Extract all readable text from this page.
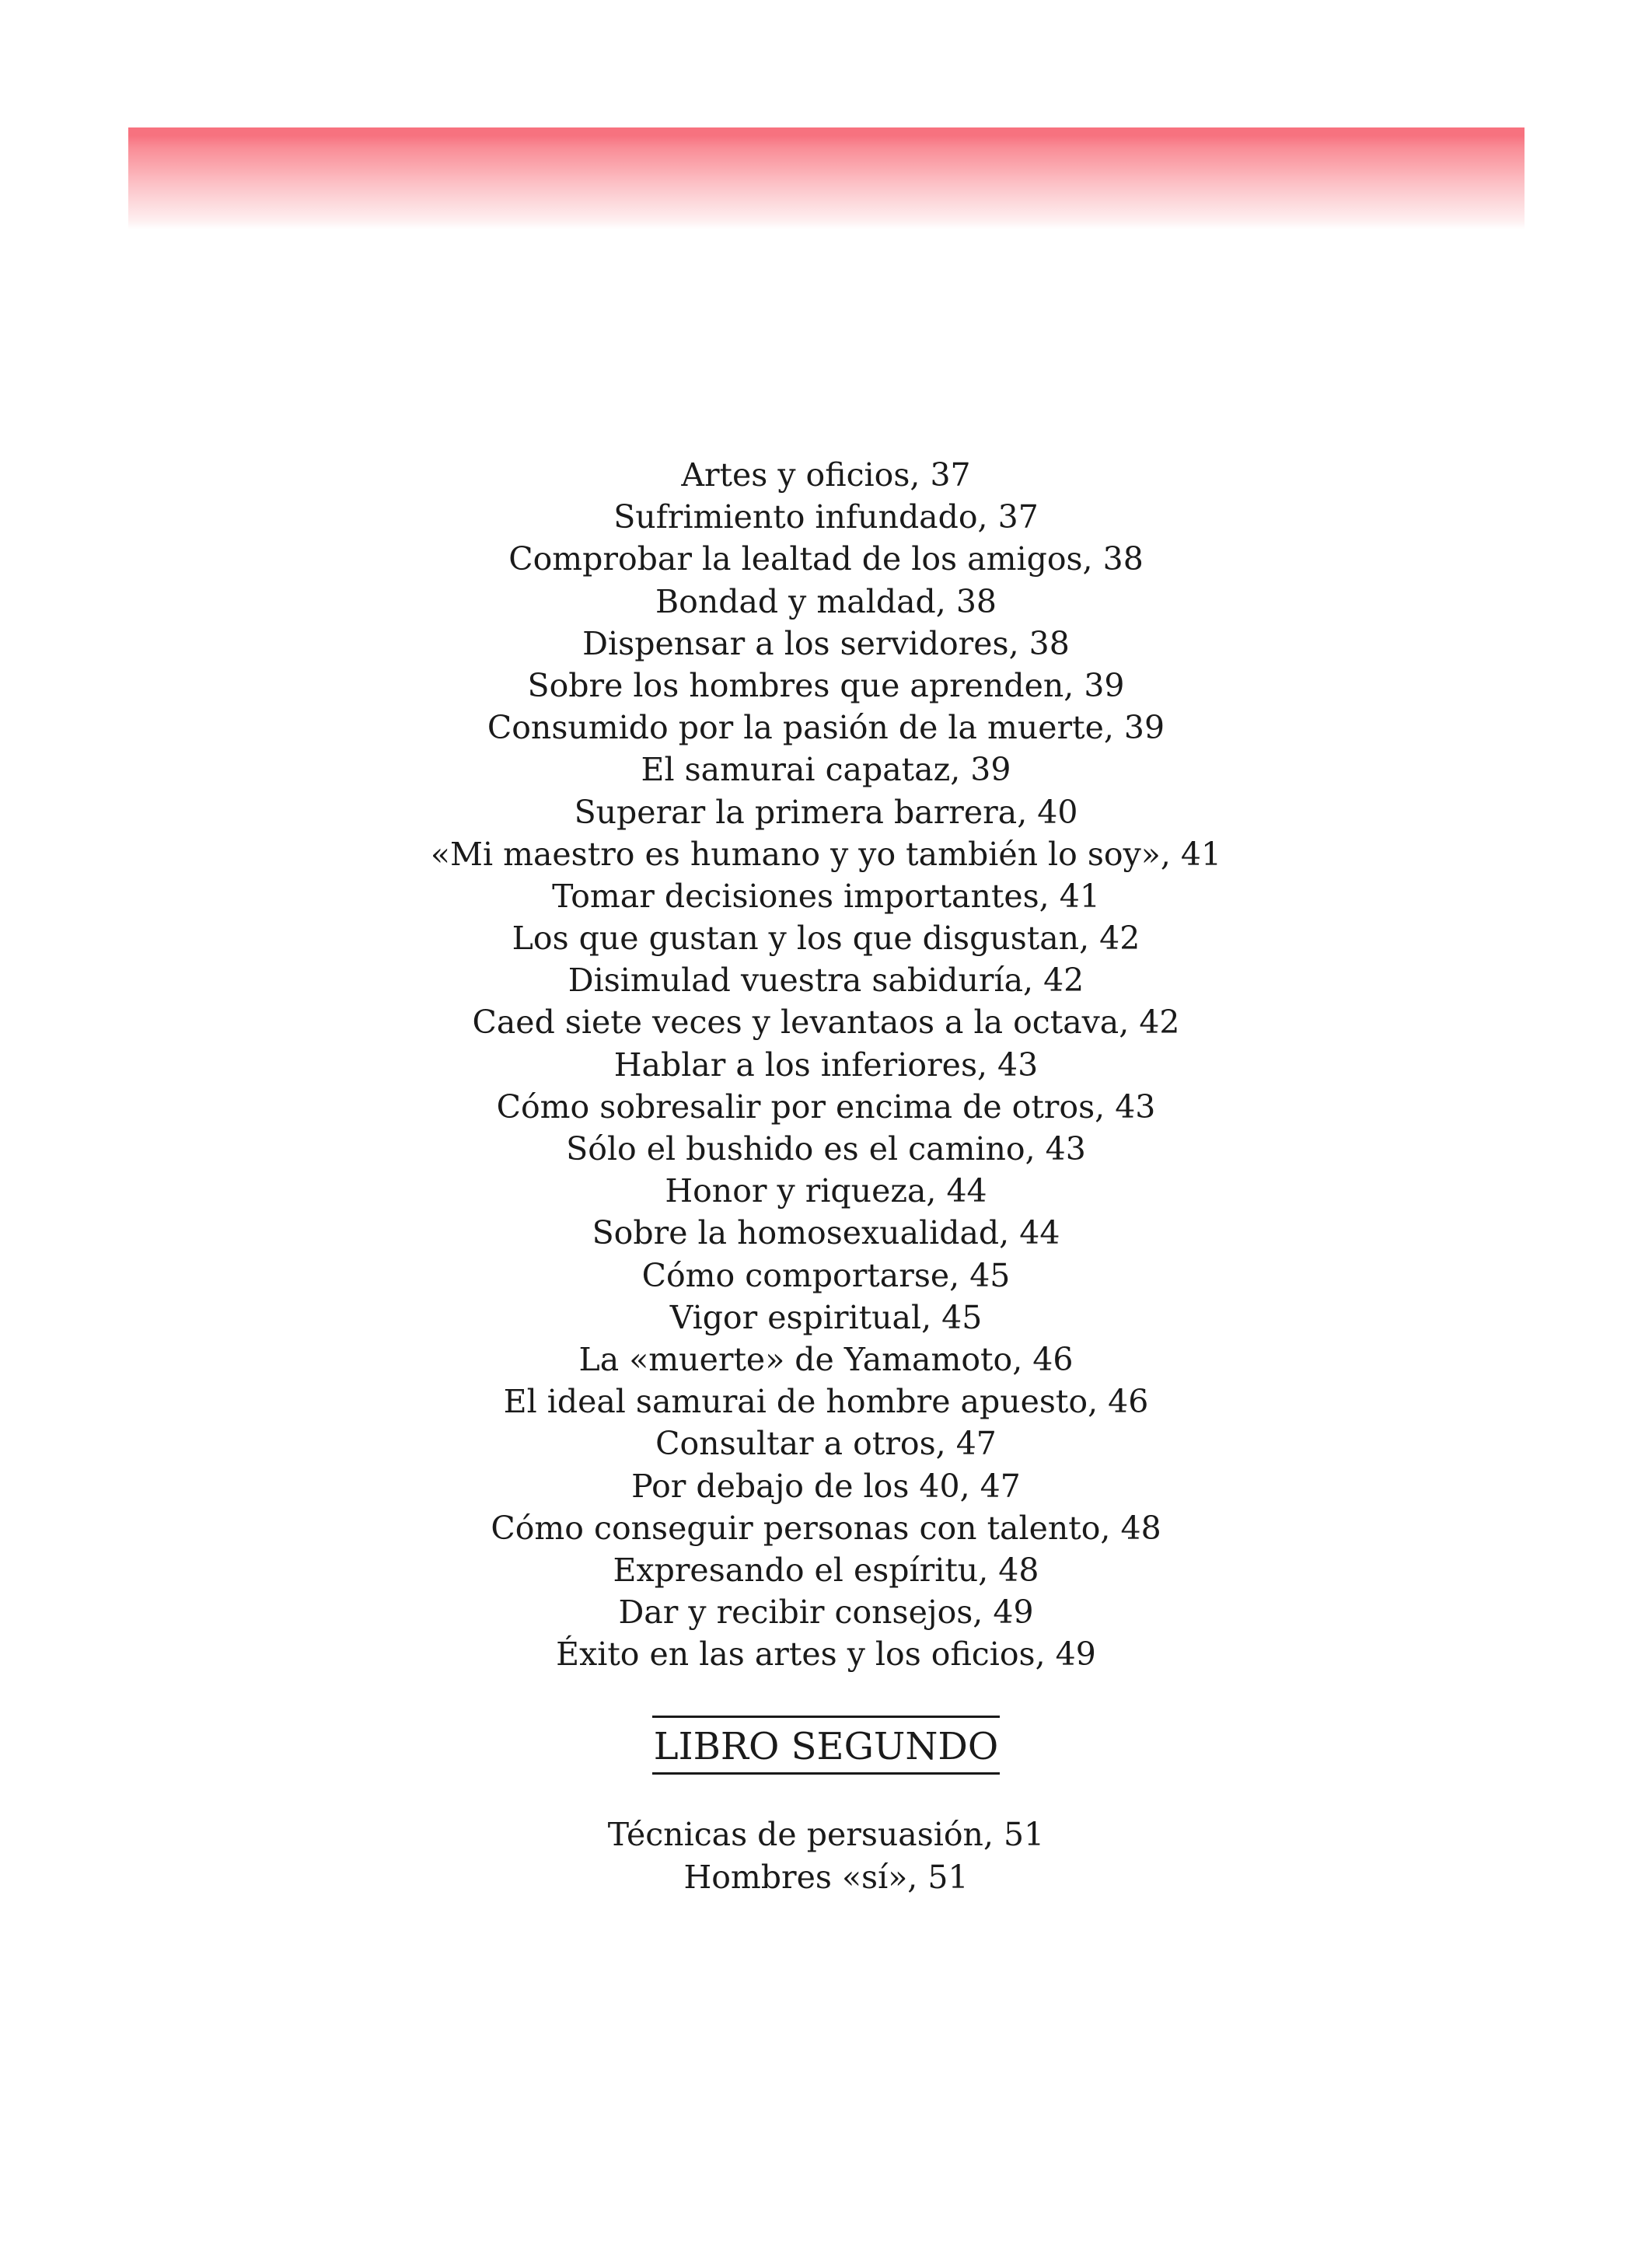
Artes y oficios, 37
Sufrimiento infundado, 37
Comprobar la lealtad de los amigos, 38
Bondad y maldad, 38
Dispensar a los servidores, 38
Sobre los hombres que aprenden, 39
Consumido por la pasión de la muerte, 39
El samurai capataz, 39
Superar la primera barrera, 40
«Mi maestro es humano y yo también lo soy», 41
Tomar decisiones importantes, 41
Los que gustan y los que disgustan, 42
Disimulad vuestra sabiduría, 42
Caed siete veces y levantaos a la octava, 42
Hablar a los inferiores, 43
Cómo sobresalir por encima de otros, 43
Sólo el bushido es el camino, 43
Honor y riqueza, 44
Sobre la homosexualidad, 44
Cómo comportarse, 45
Vigor espiritual, 45
La «muerte» de Yamamoto, 46
El ideal samurai de hombre apuesto, 46
Consultar a otros, 47
Por debajo de los 40, 47
Cómo conseguir personas con talento, 48
Expresando el espíritu, 48
Dar y recibir consejos, 49
Éxito en las artes y los oficios, 49
LIBRO SEGUNDO
Técnicas de persuasión, 51
Hombres «sí», 51
